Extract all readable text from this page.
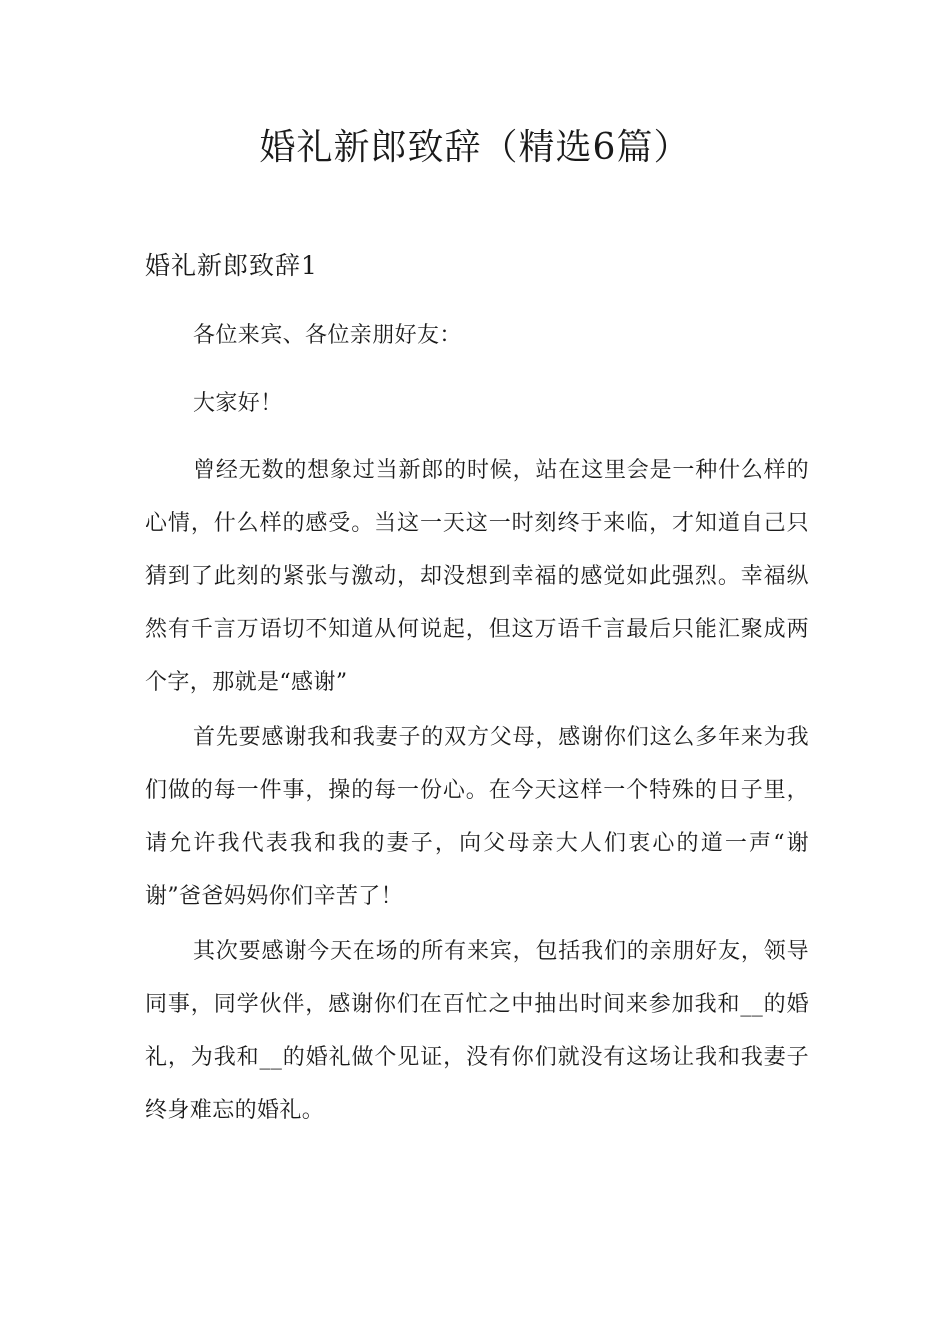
婚礼新郎致辞（精选6篇）
婚礼新郎致辞1

各位来宾、各位亲朋好友：

大家好！

曾经无数的想象过当新郎的时候，站在这里会是一种什么样的心情，什么样的感受。当这一天这一时刻终于来临，才知道自己只猜到了此刻的紧张与激动，却没想到幸福的感觉如此强烈。幸福纵然有千言万语切不知道从何说起，但这万语千言最后只能汇聚成两个字，那就是“感谢”

首先要感谢我和我妻子的双方父母，感谢你们这么多年来为我们做的每一件事，操的每一份心。在今天这样一个特殊的日子里，请允许我代表我和我的妻子，向父母亲大人们衷心的道一声“谢谢”爸爸妈妈你们辛苦了！

其次要感谢今天在场的所有来宾，包括我们的亲朋好友，领导同事，同学伙伴，感谢你们在百忙之中抽出时间来参加我和__的婚礼，为我和__的婚礼做个见证，没有你们就没有这场让我和我妻子终身难忘的婚礼。
